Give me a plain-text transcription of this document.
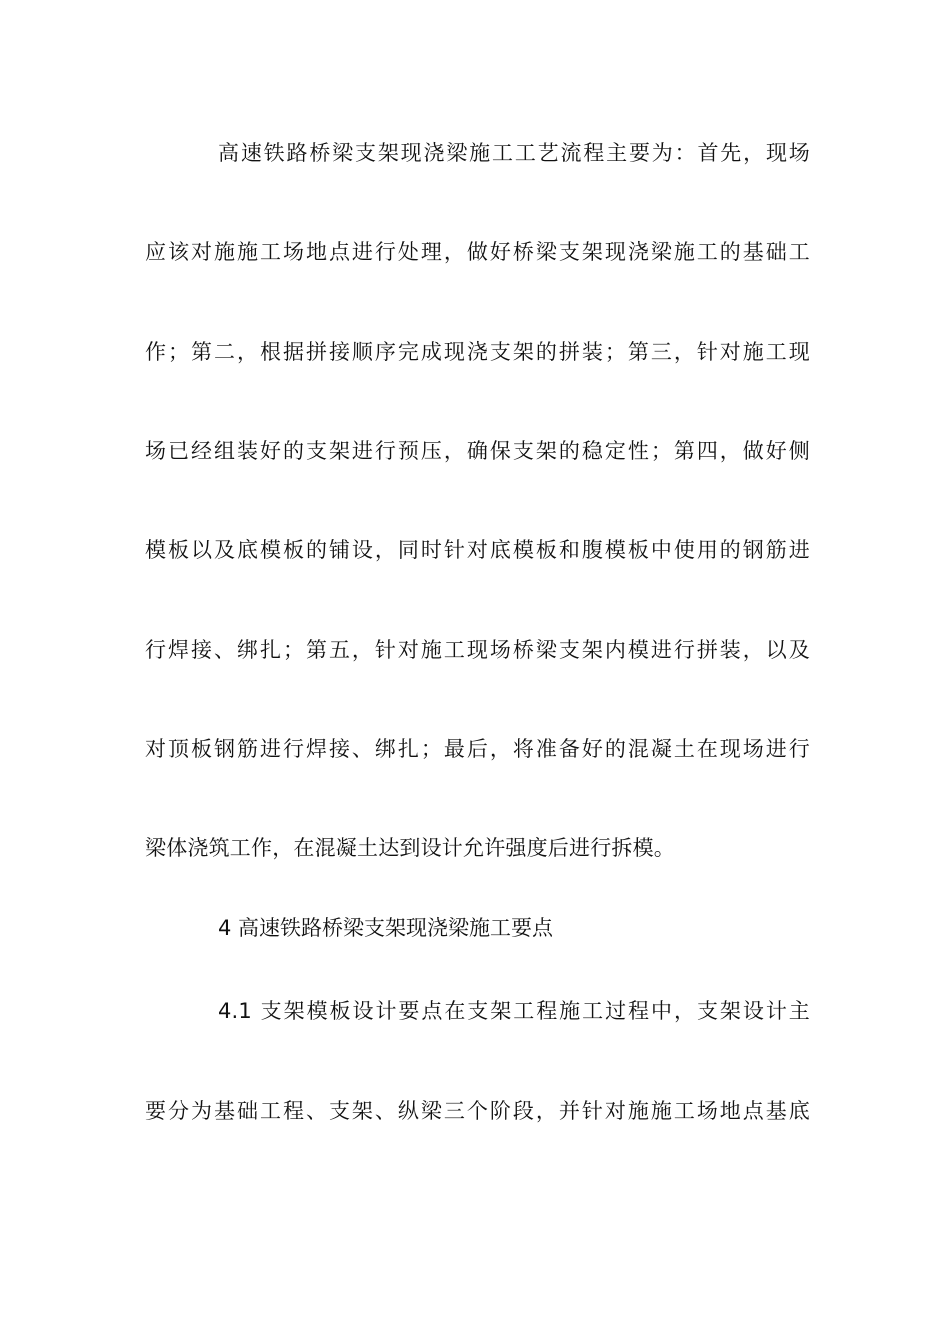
高速铁路桥梁支架现浇梁施工工艺流程主要为：首先，现场
应该对施施工场地点进行处理，做好桥梁支架现浇梁施工的基础工
作；第二，根据拼接顺序完成现浇支架的拼装；第三，针对施工现
场已经组装好的支架进行预压，确保支架的稳定性；第四，做好侧
模板以及底模板的铺设，同时针对底模板和腹模板中使用的钢筋进
行焊接、绑扎；第五，针对施工现场桥梁支架内模进行拼装，以及
对顶板钢筋进行焊接、绑扎；最后，将准备好的混凝土在现场进行
梁体浇筑工作，在混凝土达到设计允许强度后进行拆模。
4 高速铁路桥梁支架现浇梁施工要点
4.1 支架模板设计要点在支架工程施工过程中，支架设计主
要分为基础工程、支架、纵梁三个阶段，并针对施施工场地点基底
